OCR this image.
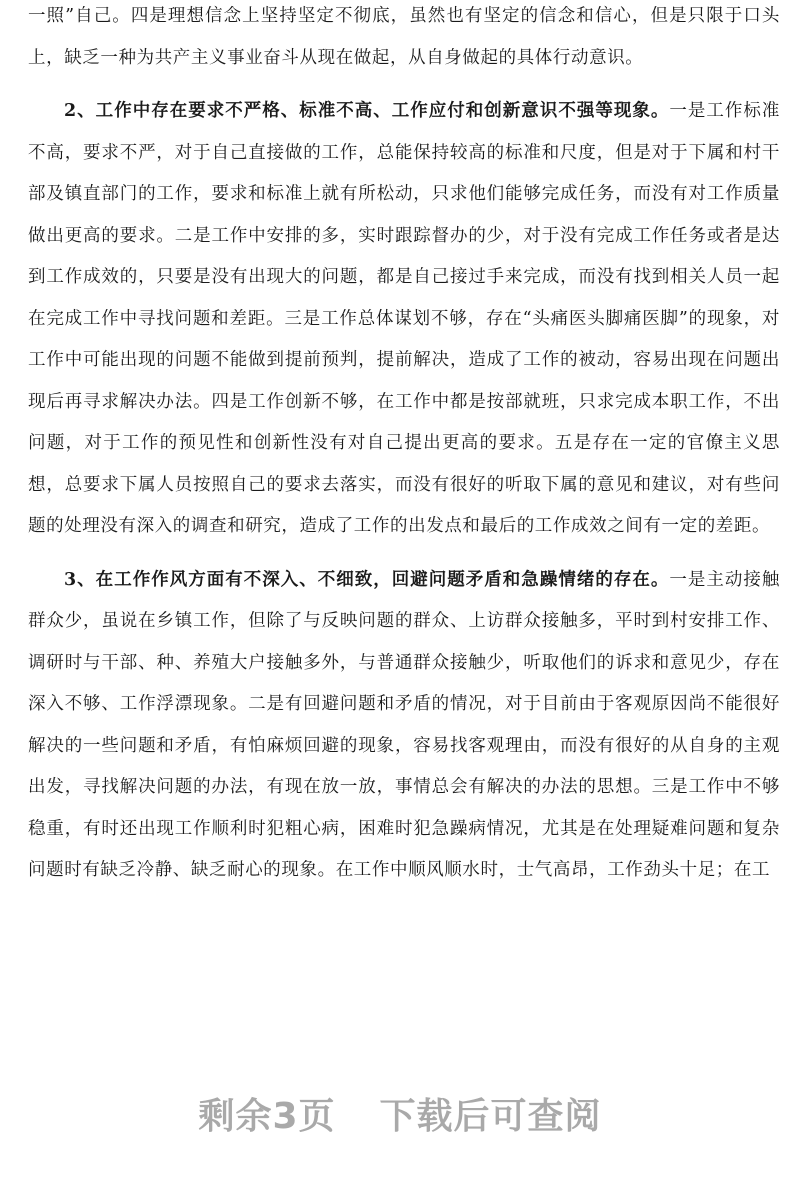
一照”自己。四是理想信念上坚持坚定不彻底，虽然也有坚定的信念和信心，但是只限于口头上，缺乏一种为共产主义事业奋斗从现在做起，从自身做起的具体行动意识。

2、工作中存在要求不严格、标准不高、工作应付和创新意识不强等现象。一是工作标准不高，要求不严，对于自己直接做的工作，总能保持较高的标准和尺度，但是对于下属和村干部及镇直部门的工作，要求和标准上就有所松动，只求他们能够完成任务，而没有对工作质量做出更高的要求。二是工作中安排的多，实时跟踪督办的少，对于没有完成工作任务或者是达到工作成效的，只要是没有出现大的问题，都是自己接过手来完成，而没有找到相关人员一起在完成工作中寻找问题和差距。三是工作总体谋划不够，存在“头痛医头脚痛医脚”的现象，对工作中可能出现的问题不能做到提前预判，提前解决，造成了工作的被动，容易出现在问题出现后再寻求解决办法。四是工作创新不够，在工作中都是按部就班，只求完成本职工作，不出问题，对于工作的预见性和创新性没有对自己提出更高的要求。五是存在一定的官僚主义思想，总要求下属人员按照自己的要求去落实，而没有很好的听取下属的意见和建议，对有些问题的处理没有深入的调查和研究，造成了工作的出发点和最后的工作成效之间有一定的差距。

3、在工作作风方面有不深入、不细致，回避问题矛盾和急躁情绪的存在。一是主动接触群众少，虽说在乡镇工作，但除了与反映问题的群众、上访群众接触多，平时到村安排工作、调研时与干部、种、养殖大户接触多外，与普通群众接触少，听取他们的诉求和意见少，存在深入不够、工作浮漂现象。二是有回避问题和矛盾的情况，对于目前由于客观原因尚不能很好解决的一些问题和矛盾，有怕麻烦回避的现象，容易找客观理由，而没有很好的从自身的主观出发，寻找解决问题的办法，有现在放一放，事情总会有解决的办法的思想。三是工作中不够稳重，有时还出现工作顺利时犯粗心病，困难时犯急躁病情况，尤其是在处理疑难问题和复杂问题时有缺乏冷静、缺乏耐心的现象。在工作中顺风顺水时，士气高昂，工作劲头十足；在工

剩余3页 下载后可查阅
